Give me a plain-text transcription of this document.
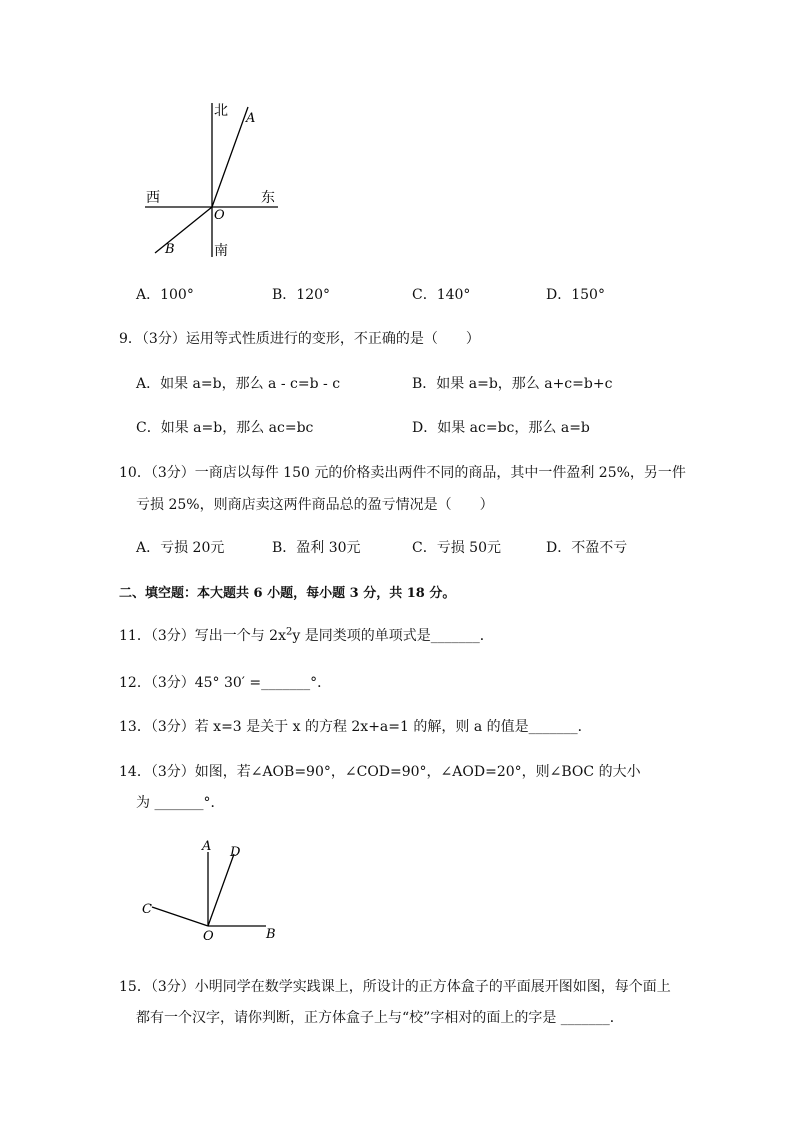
北 A
西	东
O
B	南
A．100°	B．120°	C．140°	D．150°
9．（3分）运用等式性质进行的变形，不正确的是（　　）
A．如果 a=b，那么 a - c=b - c	B．如果 a=b，那么 a+c=b+c
C．如果 a=b，那么 ac=bc	D．如果 ac=bc，那么 a=b
10．（3分）一商店以每件 150 元的价格卖出两件不同的商品，其中一件盈利 25%，另一件
亏损 25%，则商店卖这两件商品总的盈亏情况是（　　）
A．亏损 20元	B．盈利 30元	C．亏损 50元	D．不盈不亏
二、填空题：本大题共 6 小题，每小题 3 分，共 18 分。
11．（3分）写出一个与 $2x^2y$ 是同类项的单项式是_______．
12．（3分）45° 30′ =_______°．
13．（3分）若 x=3 是关于 x 的方程 2x+a=1 的解，则 a 的值是_______．
14．（3分）如图，若∠AOB=90°，∠COD=90°，∠AOD=20°，则∠BOC 的大小
为 _______°．
A D
C
O	B
15．（3分）小明同学在数学实践课上，所设计的正方体盒子的平面展开图如图，每个面上
都有一个汉字，请你判断，正方体盒子上与“校”字相对的面上的字是 _______．
